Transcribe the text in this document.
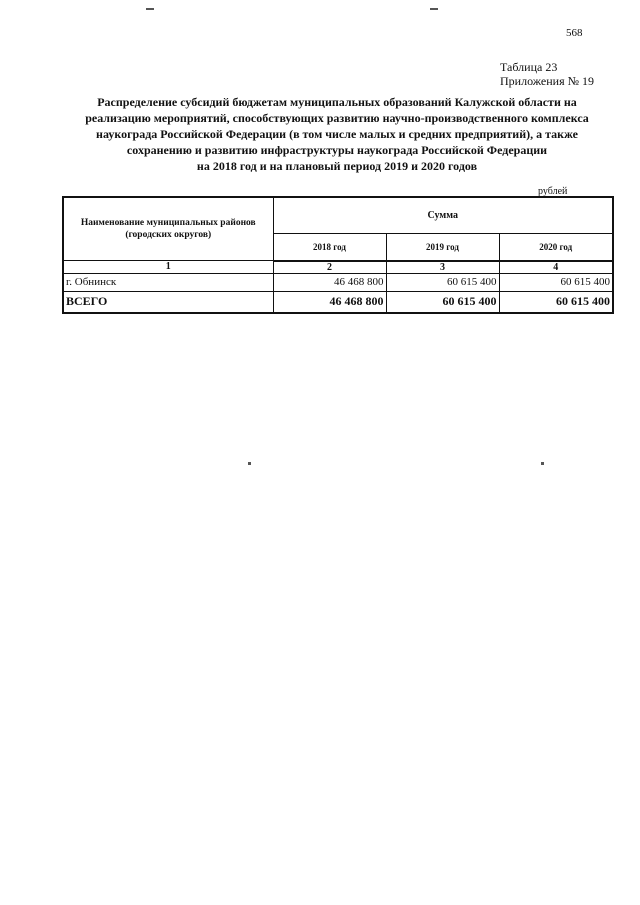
568
Таблица 23
Приложения № 19
Распределение субсидий бюджетам муниципальных образований Калужской области на
реализацию мероприятий, способствующих развитию научно-производственного комплекса
наукограда Российской Федерации (в том числе малых и средних предприятий), а также
сохранению и развитию инфраструктуры наукограда Российской Федерации
на 2018 год и на плановый период 2019 и 2020 годов
рублей
Наименование муниципальных районов (городских округов)	Сумма		
	2018 год	2019 год	2020 год
1	2	3	4
г. Обнинск	46 468 800	60 615 400	60 615 400
ВСЕГО	46 468 800	60 615 400	60 615 400
